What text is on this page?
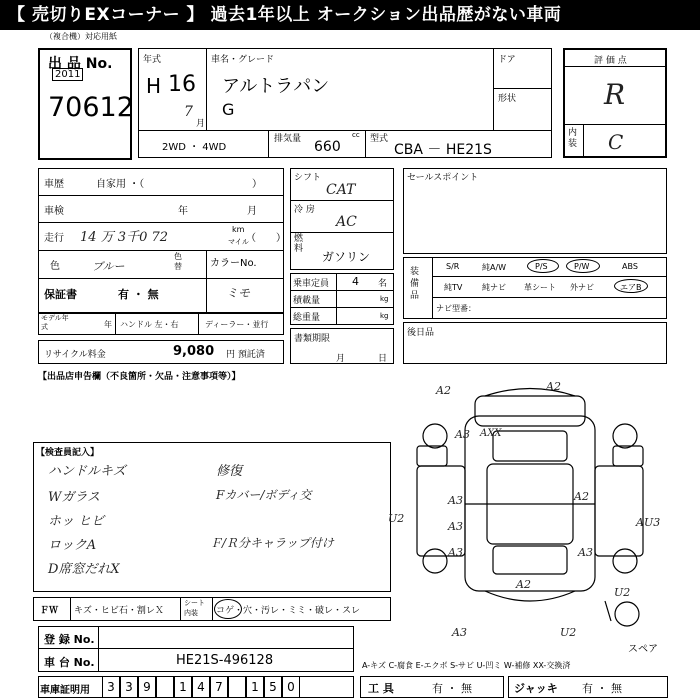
【 売切りEXコーナー 】 過去1年以上 オークション出品歴がない車両
（複合機）対応用紙
出 品 No.
2011
70612
年式
H 16
7
月
車名・グレード
アルトラパン
G
ドア
形状
2WD ・ 4WD
排気量	cc
660	型式
CBA － HE21S
評 価 点
R
内装 C
車歴	自家用 ・（	）
車検	年	月
走行 14 万 3千0 72
km
マイル
（　　）
色	ブルー
色替	カラーNo.
保証書	有 ・ 無	ミモ
モデル年式	年 ハンドル 左・右	ディーラー・並行
リサイクル料金	9,080 円 預託済
シフト
CAT
冷 房
AC
燃 料
ガソリン
乗車定員 4 名
積載量	kg
総重量	kg
書類期限
月	日
セールスポイント
装備品
S/R	純A/W	P/S	P/W	ABS
純TV 純ナビ 革シート 外ナビ	エアB
ナビ型番：
後日品
【出品店申告欄（不良箇所・欠品・注意事項等）】
【検査員記入】
ハンドルキズ
Wガラス
ホッ ヒビ
ロックA
D席窓だれX
修復
Fカバー/ボディ交
Ｆ/Ｒ分キャラップ付け
A2	A2
A3
A3
A3
A2
A3	A3
AU3
U2
U2
A3
A2
U2
AXX
スペア
ＦＷ キズ・ヒビ石・割レＸ
シート内装	コゲ・穴・汚レ・ミミ・破レ・スレ
登 録 No.
車 台 No.	HE21S-496128	A-キズ C-腐食 E-エクボ S-サビ U-凹ミ W-補修 XX-交換済
車庫証明用	3 3 9	1 4 7	1 5 0	工 具	有 ・ 無	ジャッキ 有 ・ 無
